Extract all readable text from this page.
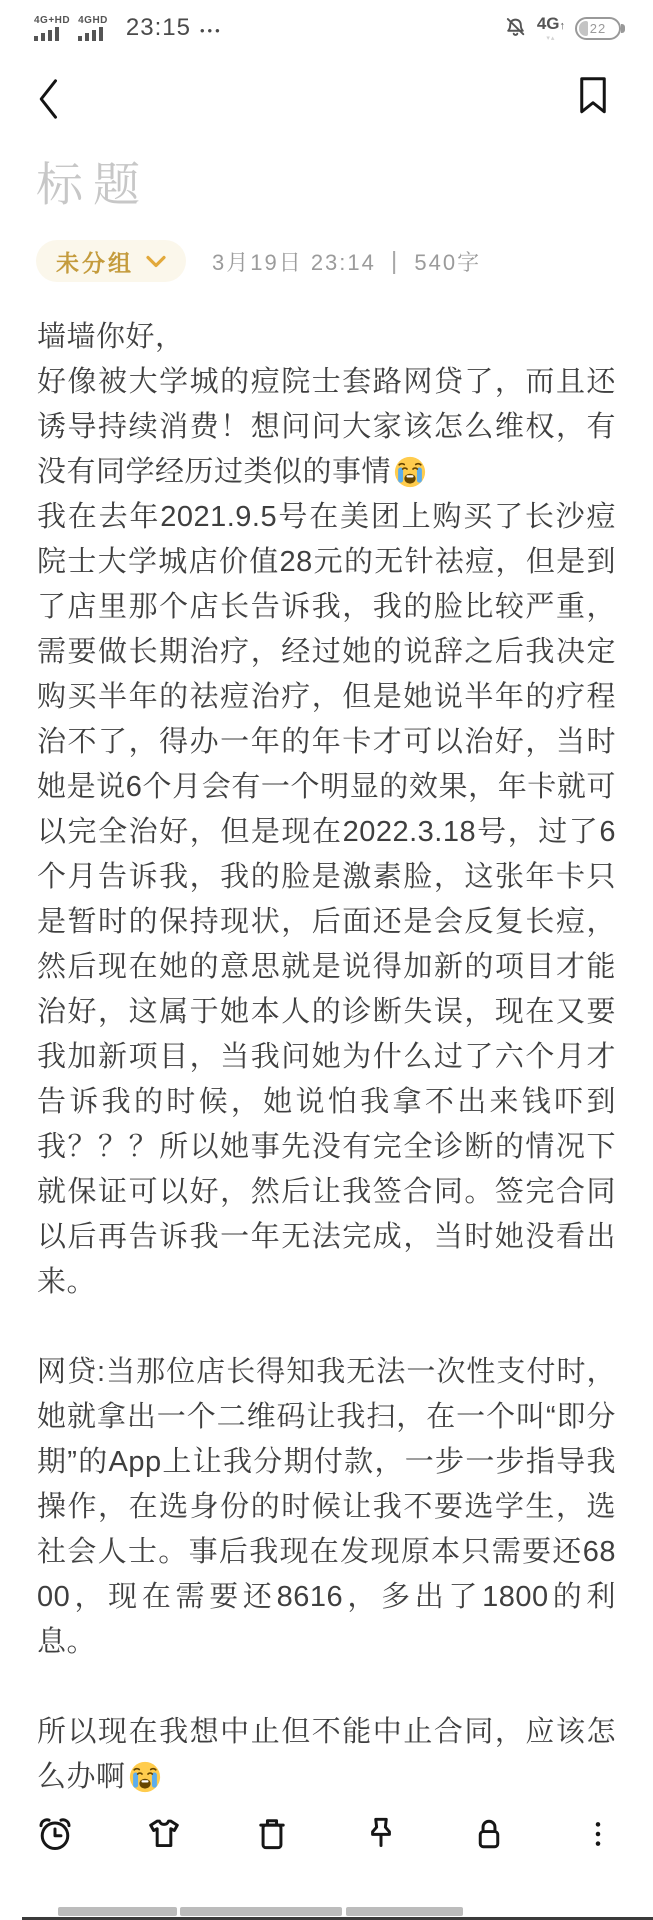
4G+HD 4GHD 23:15 •••	4G↑
▾▴
22
标题
未分组	3月19日 23:14 | 540字
墙墙你好，
好像被大学城的痘院士套路网贷了，而且还诱导持续消费！想问问大家该怎么维权，有没有同学经历过类似的事情
我在去年2021.9.5号在美团上购买了长沙痘院士大学城店价值28元的无针祛痘，但是到了店里那个店长告诉我，我的脸比较严重，需要做长期治疗，经过她的说辞之后我决定购买半年的祛痘治疗，但是她说半年的疗程治不了，得办一年的年卡才可以治好，当时她是说6个月会有一个明显的效果，年卡就可以完全治好，但是现在2022.3.18号，过了6个月告诉我，我的脸是激素脸，这张年卡只是暂时的保持现状，后面还是会反复长痘，然后现在她的意思就是说得加新的项目才能治好，这属于她本人的诊断失误，现在又要我加新项目，当我问她为什么过了六个月才告诉我的时候，她说怕我拿不出来钱吓到我？？？所以她事先没有完全诊断的情况下就保证可以好，然后让我签合同。签完合同以后再告诉我一年无法完成，当时她没看出来。
网贷:当那位店长得知我无法一次性支付时，她就拿出一个二维码让我扫，在一个叫“即分期”的App上让我分期付款，一步一步指导我操作，在选身份的时候让我不要选学生，选社会人士。事后我现在发现原本只需要还6800，现在需要还8616，多出了1800的利息。
所以现在我想中止但不能中止合同，应该怎么办啊
